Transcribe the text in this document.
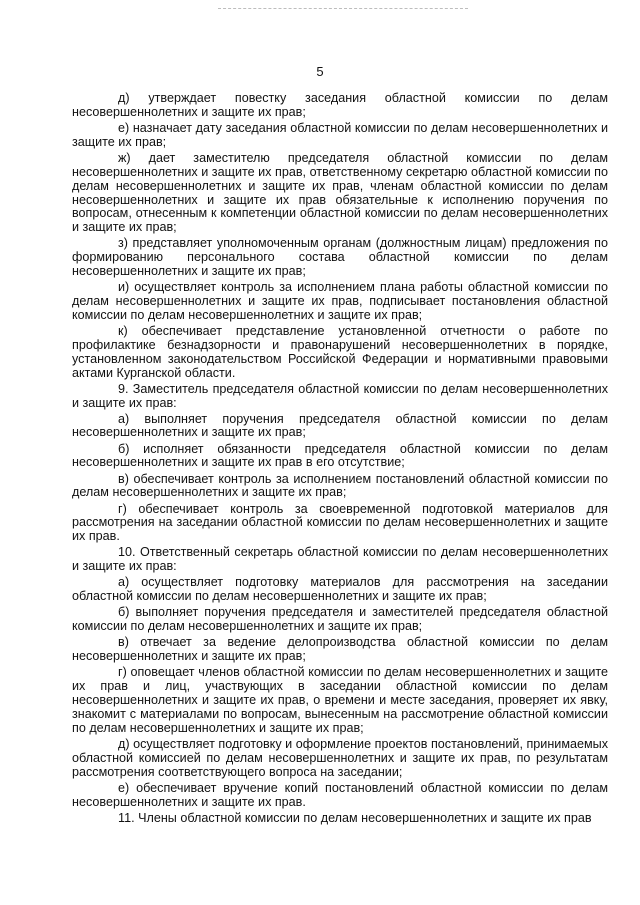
5

д) утверждает повестку заседания областной комиссии по делам несовершеннолетних и защите их прав;

е) назначает дату заседания областной комиссии по делам несовершеннолетних и защите их прав;

ж) дает заместителю председателя областной комиссии по делам несовершеннолетних и защите их прав, ответственному секретарю областной комиссии по делам несовершеннолетних и защите их прав, членам областной комиссии по делам несовершеннолетних и защите их прав обязательные к исполнению поручения по вопросам, отнесенным к компетенции областной комиссии по делам несовершеннолетних и защите их прав;

з) представляет уполномоченным органам (должностным лицам) предложения по формированию персонального состава областной комиссии по делам несовершеннолетних и защите их прав;

и) осуществляет контроль за исполнением плана работы областной комиссии по делам несовершеннолетних и защите их прав, подписывает постановления областной комиссии по делам несовершеннолетних и защите их прав;

к) обеспечивает представление установленной отчетности о работе по профилактике безнадзорности и правонарушений несовершеннолетних в порядке, установленном законодательством Российской Федерации и нормативными правовыми актами Курганской области.

9. Заместитель председателя областной комиссии по делам несовершеннолетних и защите их прав:

а) выполняет поручения председателя областной комиссии по делам несовершеннолетних и защите их прав;

б) исполняет обязанности председателя областной комиссии по делам несовершеннолетних и защите их прав в его отсутствие;

в) обеспечивает контроль за исполнением постановлений областной комиссии по делам несовершеннолетних и защите их прав;

г) обеспечивает контроль за своевременной подготовкой материалов для рассмотрения на заседании областной комиссии по делам несовершеннолетних и защите их прав.

10. Ответственный секретарь областной комиссии по делам несовершеннолетних и защите их прав:

а) осуществляет подготовку материалов для рассмотрения на заседании областной комиссии по делам несовершеннолетних и защите их прав;

б) выполняет поручения председателя и заместителей председателя областной комиссии по делам несовершеннолетних и защите их прав;

в) отвечает за ведение делопроизводства областной комиссии по делам несовершеннолетних и защите их прав;

г) оповещает членов областной комиссии по делам несовершеннолетних и защите их прав и лиц, участвующих в заседании областной комиссии по делам несовершеннолетних и защите их прав, о времени и месте заседания, проверяет их явку, знакомит с материалами по вопросам, вынесенным на рассмотрение областной комиссии по делам несовершеннолетних и защите их прав;

д) осуществляет подготовку и оформление проектов постановлений, принимаемых областной комиссией по делам несовершеннолетних и защите их прав, по результатам рассмотрения соответствующего вопроса на заседании;

е) обеспечивает вручение копий постановлений областной комиссии по делам несовершеннолетних и защите их прав.

11. Члены областной комиссии по делам несовершеннолетних и защите их прав
